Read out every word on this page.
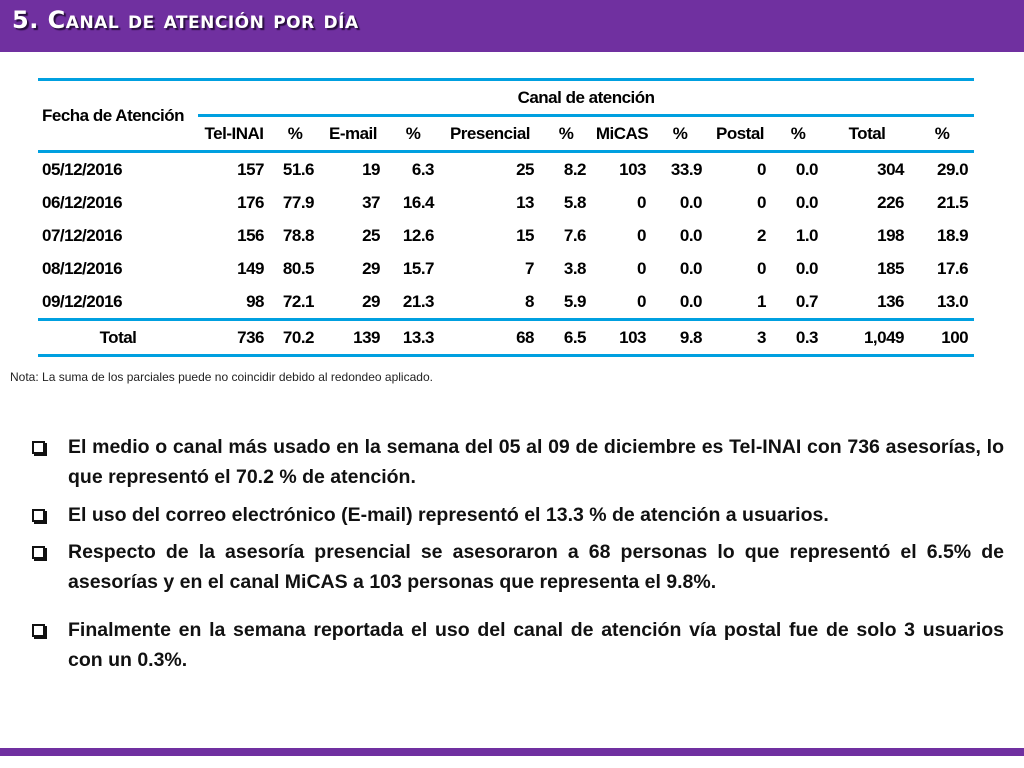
5. Canal de atención por día
Fecha de Atención	Canal de atención											
	Tel-INAI	%	E-mail	%	Presencial	%	MiCAS	%	Postal	%	Total	%
05/12/2016	157	51.6	19	6.3	25	8.2	103	33.9	0	0.0	304	29.0
06/12/2016	176	77.9	37	16.4	13	5.8	0	0.0	0	0.0	226	21.5
07/12/2016	156	78.8	25	12.6	15	7.6	0	0.0	2	1.0	198	18.9
08/12/2016	149	80.5	29	15.7	7	3.8	0	0.0	0	0.0	185	17.6
09/12/2016	98	72.1	29	21.3	8	5.9	0	0.0	1	0.7	136	13.0
Total	736	70.2	139	13.3	68	6.5	103	9.8	3	0.3	1,049	100
Nota: La suma de los parciales puede no coincidir debido al redondeo aplicado.
El medio o canal más usado en la semana del 05 al 09 de diciembre es Tel-INAI con 736 asesorías, lo que representó el 70.2 % de atención.
El uso del correo electrónico (E-mail) representó el 13.3 % de atención a usuarios.
Respecto de la asesoría presencial se asesoraron a 68 personas lo que representó el 6.5% de asesorías y en el canal MiCAS a 103 personas que representa el 9.8%.
Finalmente en la semana reportada el uso del canal de atención vía postal fue de solo 3 usuarios con un 0.3%.
